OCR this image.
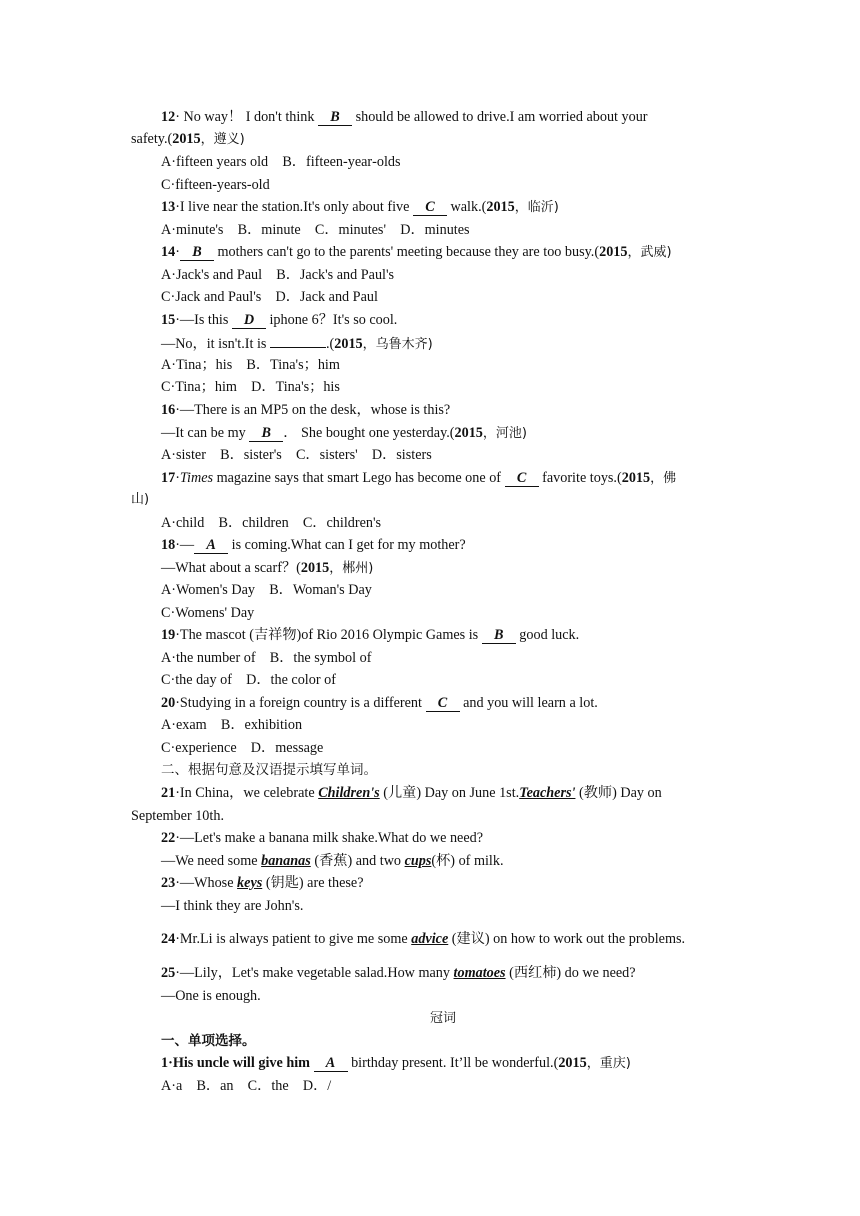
12· No way！ I don't think B should be allowed to drive.I am worried about your
safety.(2015，遵义)
A·fifteen years old　B．fifteen‐year‐olds
C·fifteen‐years‐old
13·I live near the station.It's only about five C walk.(2015，临沂)
A·minute's　B．minute　C．minutes'　D．minutes
14· B mothers can't go to the parents' meeting because they are too busy.(2015，武威)
A·Jack's and Paul　B．Jack's and Paul's
C·Jack and Paul's　D．Jack and Paul
15·—Is this D iphone 6？It's so cool.
—No，it isn't.It is	.(2015，乌鲁木齐)
A·Tina；his　B．Tina's；him
C·Tina；him　D．Tina's；his
16·—There is an MP5 on the desk，whose is this?
—It can be my B ． She bought one yesterday.(2015，河池)
A·sister　B．sister's　C．sisters'　D．sisters
17·Times magazine says that smart Lego has become one of C favorite toys.(2015，佛
山)
A·child　B．children　C．children's
18·— A is coming.What can I get for my mother?
—What about a scarf？(2015，郴州)
A·Women's Day　B．Woman's Day
C·Womens' Day
19·The mascot (吉祥物)of Rio 2016 Olympic Games is B good luck.
A·the number of　B．the symbol of
C·the day of　D．the color of
20·Studying in a foreign country is a different C and you will learn a lot.
A·exam　B．exhibition
C·experience　D．message
二、根据句意及汉语提示填写单词。
21·In China，we celebrate Children's (儿童) Day on June 1st.Teachers' (教师) Day on
September 10th.
22·—Let's make a banana milk shake.What do we need?
—We need some bananas (香蕉) and two cups(杯) of milk.
23·—Whose keys (钥匙) are these?
—I think they are John's.
24·Mr.Li is always patient to give me some advice (建议) on how to work out the problems.
25·—Lily，Let's make vegetable salad.How many tomatoes (西红柿) do we need?
—One is enough.
冠词
一、单项选择。
1·His uncle will give him A birthday present. It’ll be wonderful.(2015，重庆)
A·a　B．an　C．the　D．/
